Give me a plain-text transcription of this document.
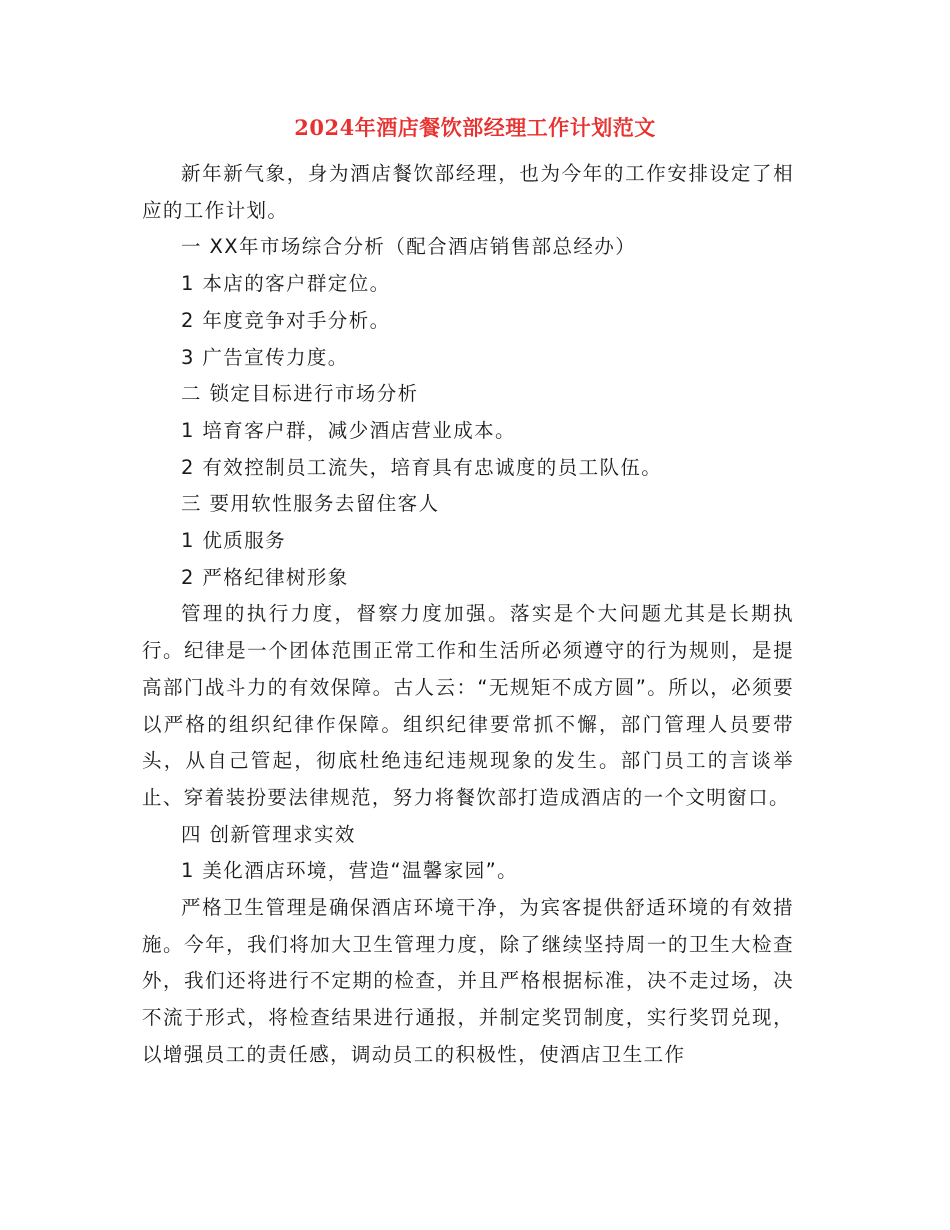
2024年酒店餐饮部经理工作计划范文

新年新气象，身为酒店餐饮部经理，也为今年的工作安排设定了相应的工作计划。

一 XX年市场综合分析（配合酒店销售部总经办）

1 本店的客户群定位。

2 年度竞争对手分析。

3 广告宣传力度。

二 锁定目标进行市场分析

1 培育客户群，减少酒店营业成本。

2 有效控制员工流失，培育具有忠诚度的员工队伍。

三 要用软性服务去留住客人

1 优质服务

2 严格纪律树形象

管理的执行力度，督察力度加强。落实是个大问题尤其是长期执行。纪律是一个团体范围正常工作和生活所必须遵守的行为规则，是提高部门战斗力的有效保障。古人云：“无规矩不成方圆”。所以，必须要以严格的组织纪律作保障。组织纪律要常抓不懈，部门管理人员要带头，从自己管起，彻底杜绝违纪违规现象的发生。部门员工的言谈举止、穿着装扮要法律规范，努力将餐饮部打造成酒店的一个文明窗口。

四 创新管理求实效

1 美化酒店环境，营造“温馨家园”。

严格卫生管理是确保酒店环境干净，为宾客提供舒适环境的有效措施。今年，我们将加大卫生管理力度，除了继续坚持周一的卫生大检查外，我们还将进行不定期的检查，并且严格根据标准，决不走过场，决不流于形式，将检查结果进行通报，并制定奖罚制度，实行奖罚兑现，以增强员工的责任感，调动员工的积极性，使酒店卫生工作
